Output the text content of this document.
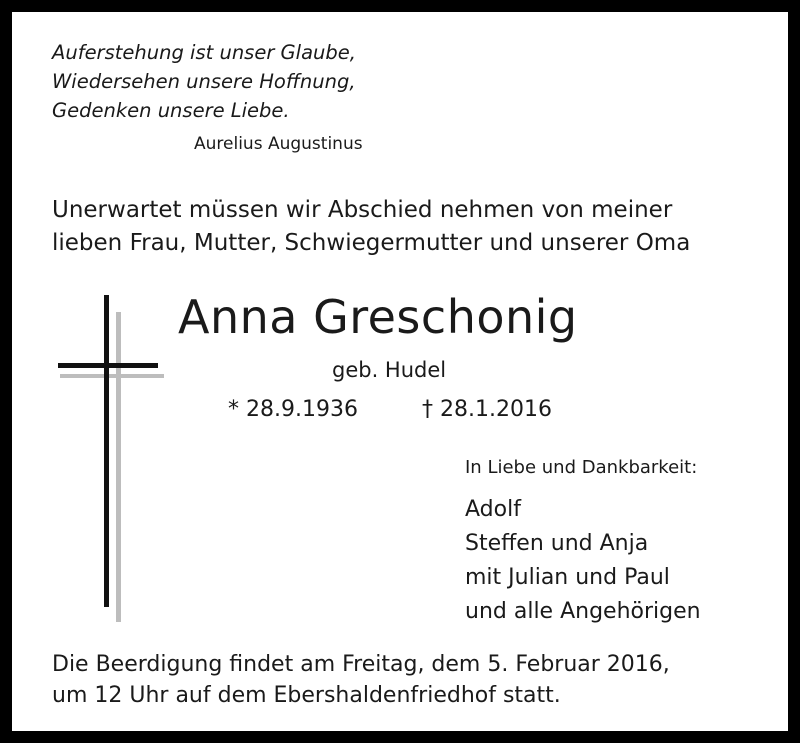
Auferstehung ist unser Glaube,
Wiedersehen unsere Hoffnung,
Gedenken unsere Liebe.
Aurelius Augustinus
Unerwartet müssen wir Abschied nehmen von meiner
lieben Frau, Mutter, Schwiegermutter und unserer Oma
Anna Greschonig
geb. Hudel
* 28.9.1936	† 28.1.2016
In Liebe und Dankbarkeit:
Adolf
Steffen und Anja
mit Julian und Paul
und alle Angehörigen
Die Beerdigung findet am Freitag, dem 5. Februar 2016,
um 12 Uhr auf dem Ebershaldenfriedhof statt.
